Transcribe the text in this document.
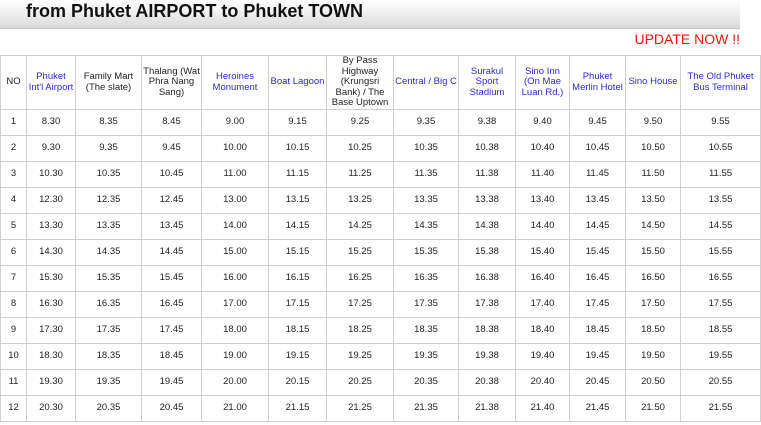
from Phuket AIRPORT to Phuket TOWN
UPDATE NOW !!
NO	Phuket Int'l Airport	Family Mart (The slate)	Thalang (Wat Phra Nang Sang)	Heroines Monument	Boat Lagoon	By Pass Highway (Krungsri Bank) / The Base Uptown	Central / Big C	Surakul Sport Stadium	Sino Inn (On Mae Luan Rd.)	Phuket Merlin Hotel	Sino House	The Old Phuket Bus Terminal
1	8.30	8.35	8.45	9.00	9.15	9.25	9.35	9.38	9.40	9.45	9.50	9.55
2	9.30	9.35	9.45	10.00	10.15	10.25	10.35	10.38	10.40	10.45	10.50	10.55
3	10.30	10.35	10.45	11.00	11.15	11.25	11.35	11.38	11.40	11.45	11.50	11.55
4	12.30	12.35	12.45	13.00	13.15	13.25	13.35	13.38	13.40	13.45	13.50	13.55
5	13.30	13.35	13.45	14.00	14.15	14.25	14.35	14.38	14.40	14.45	14.50	14.55
6	14.30	14.35	14.45	15.00	15.15	15.25	15.35	15.38	15.40	15.45	15.50	15.55
7	15.30	15.35	15.45	16.00	16.15	16.25	16.35	16.38	16.40	16.45	16.50	16.55
8	16.30	16.35	16.45	17.00	17.15	17.25	17.35	17.38	17.40	17.45	17.50	17.55
9	17.30	17.35	17.45	18.00	18.15	18.25	18.35	18.38	18.40	18.45	18.50	18.55
10	18.30	18.35	18.45	19.00	19.15	19.25	19.35	19.38	19.40	19.45	19.50	19.55
11	19.30	19.35	19.45	20.00	20.15	20.25	20.35	20.38	20.40	20.45	20.50	20.55
12	20.30	20.35	20.45	21.00	21.15	21.25	21.35	21.38	21.40	21.45	21.50	21.55
